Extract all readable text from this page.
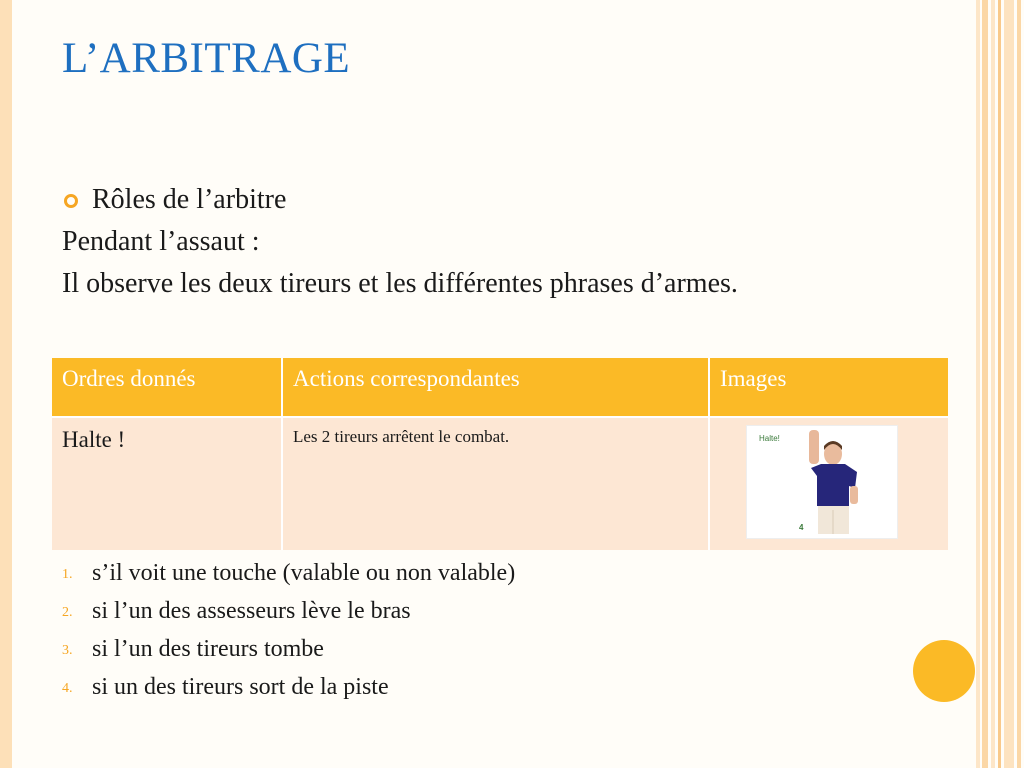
L’ARBITRAGE
Rôles de l’arbitre
Pendant l’assaut :
Il observe les deux tireurs et les différentes phrases d’armes.
Ordres donnés	Actions correspondantes	Images
Halte !	Les 2 tireurs arrêtent le combat.	Halte!
4
1. s’il voit une touche (valable ou non valable)
2. si l’un des assesseurs lève le bras
3. si l’un des tireurs tombe
4. si un des tireurs sort de la piste
